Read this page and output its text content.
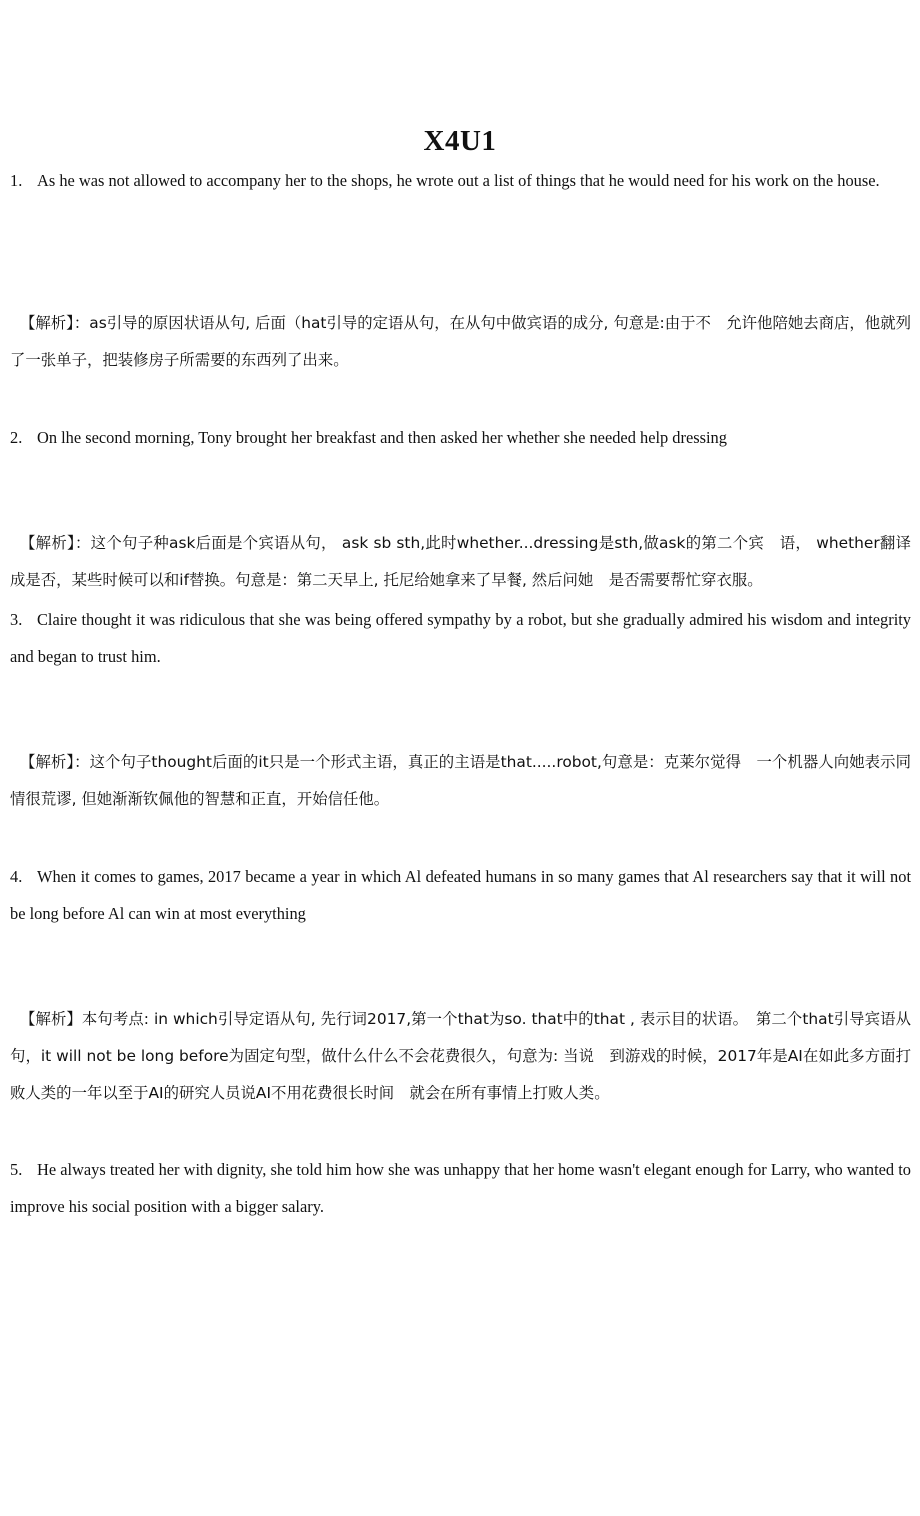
X4U1
1. As he was not allowed to accompany her to the shops, he wrote out a list of things that he would need for his work on the house.
【解析】：as引导的原因状语从句, 后面（hat引导的定语从句，在从句中做宾语的成分, 句意是:由于不　允许他陪她去商店，他就列了一张单子，把装修房子所需要的东西列了出来。
2. On lhe second morning, Tony brought her breakfast and then asked her whether she needed help dressing
【解析】：这个句子种ask后面是个宾语从句， ask sb sth,此时whether...dressing是sth,做ask的第二个宾　语， whether翻译成是否，某些时候可以和if替换。句意是：第二天早上, 托尼给她拿来了早餐, 然后问她　是否需要帮忙穿衣服。
3. Claire thought it was ridiculous that she was being offered sympathy by a robot, but she gradually admired his wisdom and integrity and began to trust him.
【解析】：这个句子thought后面的it只是一个形式主语，真正的主语是that.....robot,句意是：克莱尔觉得　一个机器人向她表示同情很荒谬, 但她渐渐钦佩他的智慧和正直，开始信任他。
4. When it comes to games, 2017 became a year in which Al defeated humans in so many games that Al researchers say that it will not be long before Al can win at most everything
【解析】本句考点: in which引导定语从句, 先行词2017,第一个that为so. that中的that , 表示目的状语。　第二个that引导宾语从句，it will not be long before为固定句型，做什么什么不会花费很久，句意为: 当说　到游戏的时候，2017年是AI在如此多方面打败人类的一年以至于AI的研究人员说AI不用花费很长时间　就会在所有事情上打败人类。
5. He always treated her with dignity, she told him how she was unhappy that her home wasn't elegant enough for Larry, who wanted to improve his social position with a bigger salary.
